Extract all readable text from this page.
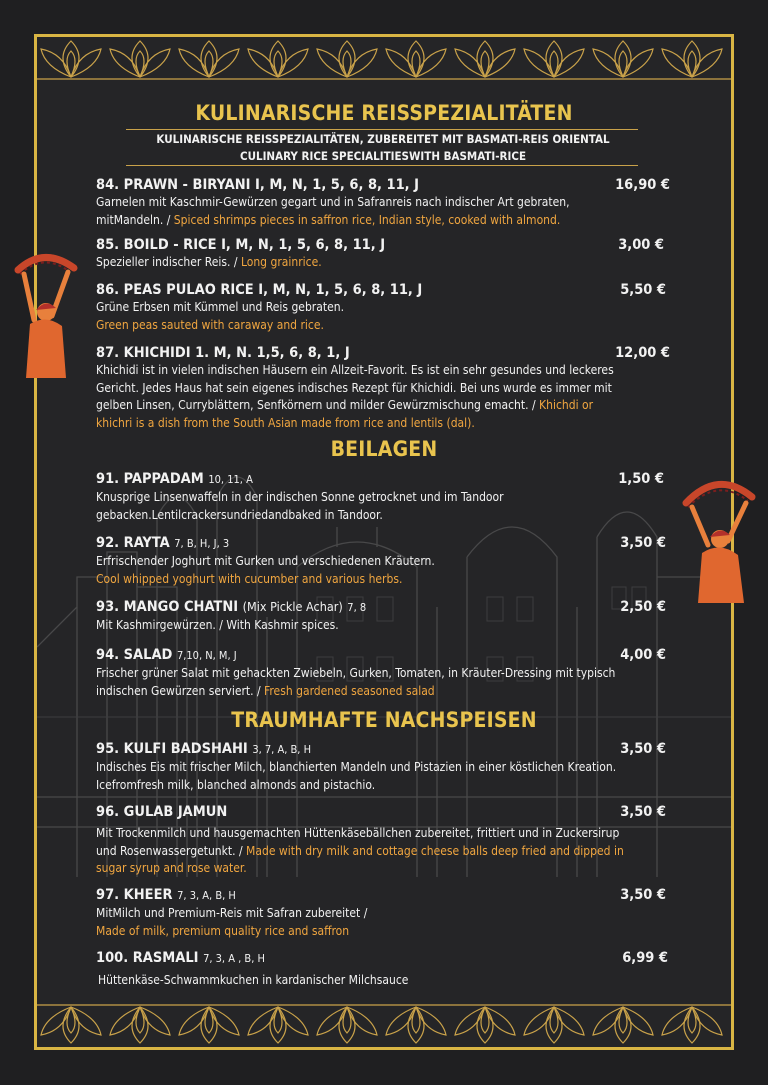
KULINARISCHE REISSPEZIALITÄTEN
KULINARISCHE REISSPEZIALITÄTEN, ZUBEREITET MIT BASMATI-REIS ORIENTAL
CULINARY RICE SPECIALITIESWITH BASMATI-RICE
84. PRAWN - BIRYANI I, M, N, 1, 5, 6, 8, 11, J
Garnelen mit Kaschmir-Gewürzen gegart und in Safranreis nach indischer Art gebraten, mitMandeln. / Spiced shrimps pieces in saffron rice, Indian style, cooked with almond.
16,90 €
85. BOILD - RICE I, M, N, 1, 5, 6, 8, 11, J
Spezieller indischer Reis. / Long grainrice.
3,00 €
86. PEAS PULAO RICE I, M, N, 1, 5, 6, 8, 11, J
Grüne Erbsen mit Kümmel und Reis gebraten.
Green peas sauted with caraway and rice.
5,50 €
87. KHICHIDI 1. M, N. 1,5, 6, 8, 1, J
Khichidi ist in vielen indischen Häusern ein Allzeit-Favorit. Es ist ein sehr gesundes und leckeres Gericht. Jedes Haus hat sein eigenes indisches Rezept für Khichidi. Bei uns wurde es immer mit gelben Linsen, Curryblättern, Senfkörnern und milder Gewürzmischung emacht. / Khichdi or khichri is a dish from the South Asian made from rice and lentils (dal).
12,00 €
BEILAGEN
91. PAPPADAM 10, 11, A
Knusprige Linsenwaffeln in der indischen Sonne getrocknet und im Tandoor gebacken.Lentilcrackersundriedandbaked in Tandoor.
1,50 €
92. RAYTA 7, B, H, J, 3
Erfrischender Joghurt mit Gurken und verschiedenen Kräutern.
Cool whipped yoghurt with cucumber and various herbs.
3,50 €
93. MANGO CHATNI (Mix Pickle Achar) 7, 8
Mit Kashmirgewürzen. / With Kashmir spices.
2,50 €
94. SALAD 7,10, N, M, J
Frischer grüner Salat mit gehackten Zwiebeln, Gurken, Tomaten, in Kräuter-Dressing mit typisch indischen Gewürzen serviert. / Fresh gardened seasoned salad
4,00 €
TRAUMHAFTE NACHSPEISEN
95. KULFI BADSHAHI 3, 7, A, B, H
Indisches Eis mit frischer Milch, blanchierten Mandeln und Pistazien in einer köstlichen Kreation. Icefromfresh milk, blanched almonds and pistachio.
3,50 €
96. GULAB JAMUN
Mit Trockenmilch und hausgemachten Hüttenkäsebällchen zubereitet, frittiert und in Zuckersirup und Rosenwassergetunkt. / Made with dry milk and cottage cheese balls deep fried and dipped in sugar syrup and rose water.
3,50 €
97. KHEER 7, 3, A, B, H
MitMilch und Premium-Reis mit Safran zubereitet /
Made of milk, premium quality rice and saffron
3,50 €
100. RASMALI 7, 3, A , B, H
Hüttenkäse-Schwammkuchen in kardanischer Milchsauce
6,99 €
